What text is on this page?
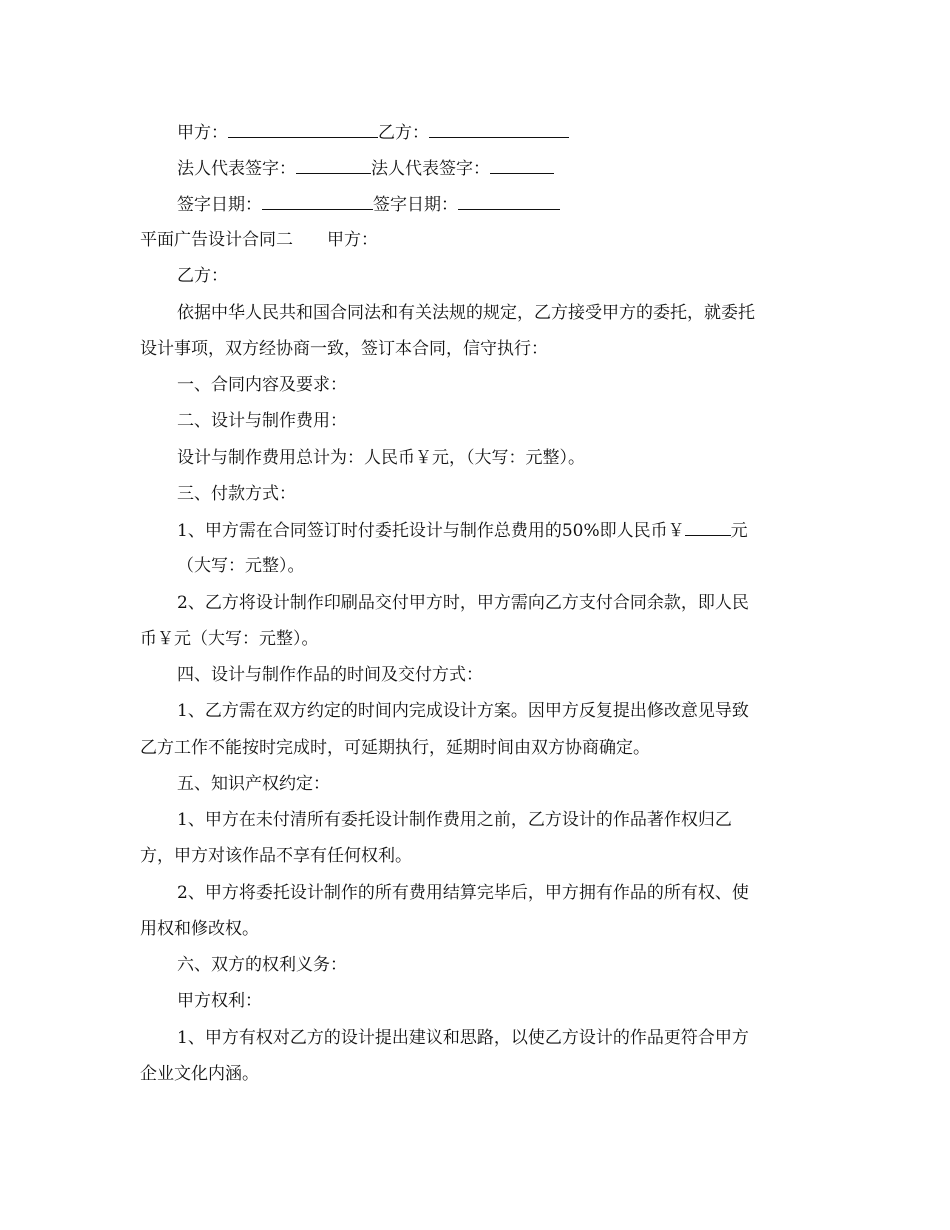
甲方：	乙方：
法人代表签字：	法人代表签字：
签字日期：	签字日期：
平面广告设计合同二　　甲方：
乙方：
依据中华人民共和国合同法和有关法规的规定，乙方接受甲方的委托，就委托
设计事项，双方经协商一致，签订本合同，信守执行：
一、合同内容及要求：
二、设计与制作费用：
设计与制作费用总计为：人民币￥元，（大写：元整）。
三、付款方式：
1、甲方需在合同签订时付委托设计与制作总费用的50%即人民币￥	元
（大写：元整）。
2、乙方将设计制作印刷品交付甲方时，甲方需向乙方支付合同余款，即人民
币￥元（大写：元整）。
四、设计与制作作品的时间及交付方式：
1、乙方需在双方约定的时间内完成设计方案。因甲方反复提出修改意见导致
乙方工作不能按时完成时，可延期执行，延期时间由双方协商确定。
五、知识产权约定：
1、甲方在未付清所有委托设计制作费用之前，乙方设计的作品著作权归乙
方，甲方对该作品不享有任何权利。
2、甲方将委托设计制作的所有费用结算完毕后，甲方拥有作品的所有权、使
用权和修改权。
六、双方的权利义务：
甲方权利：
1、甲方有权对乙方的设计提出建议和思路，以使乙方设计的作品更符合甲方
企业文化内涵。
